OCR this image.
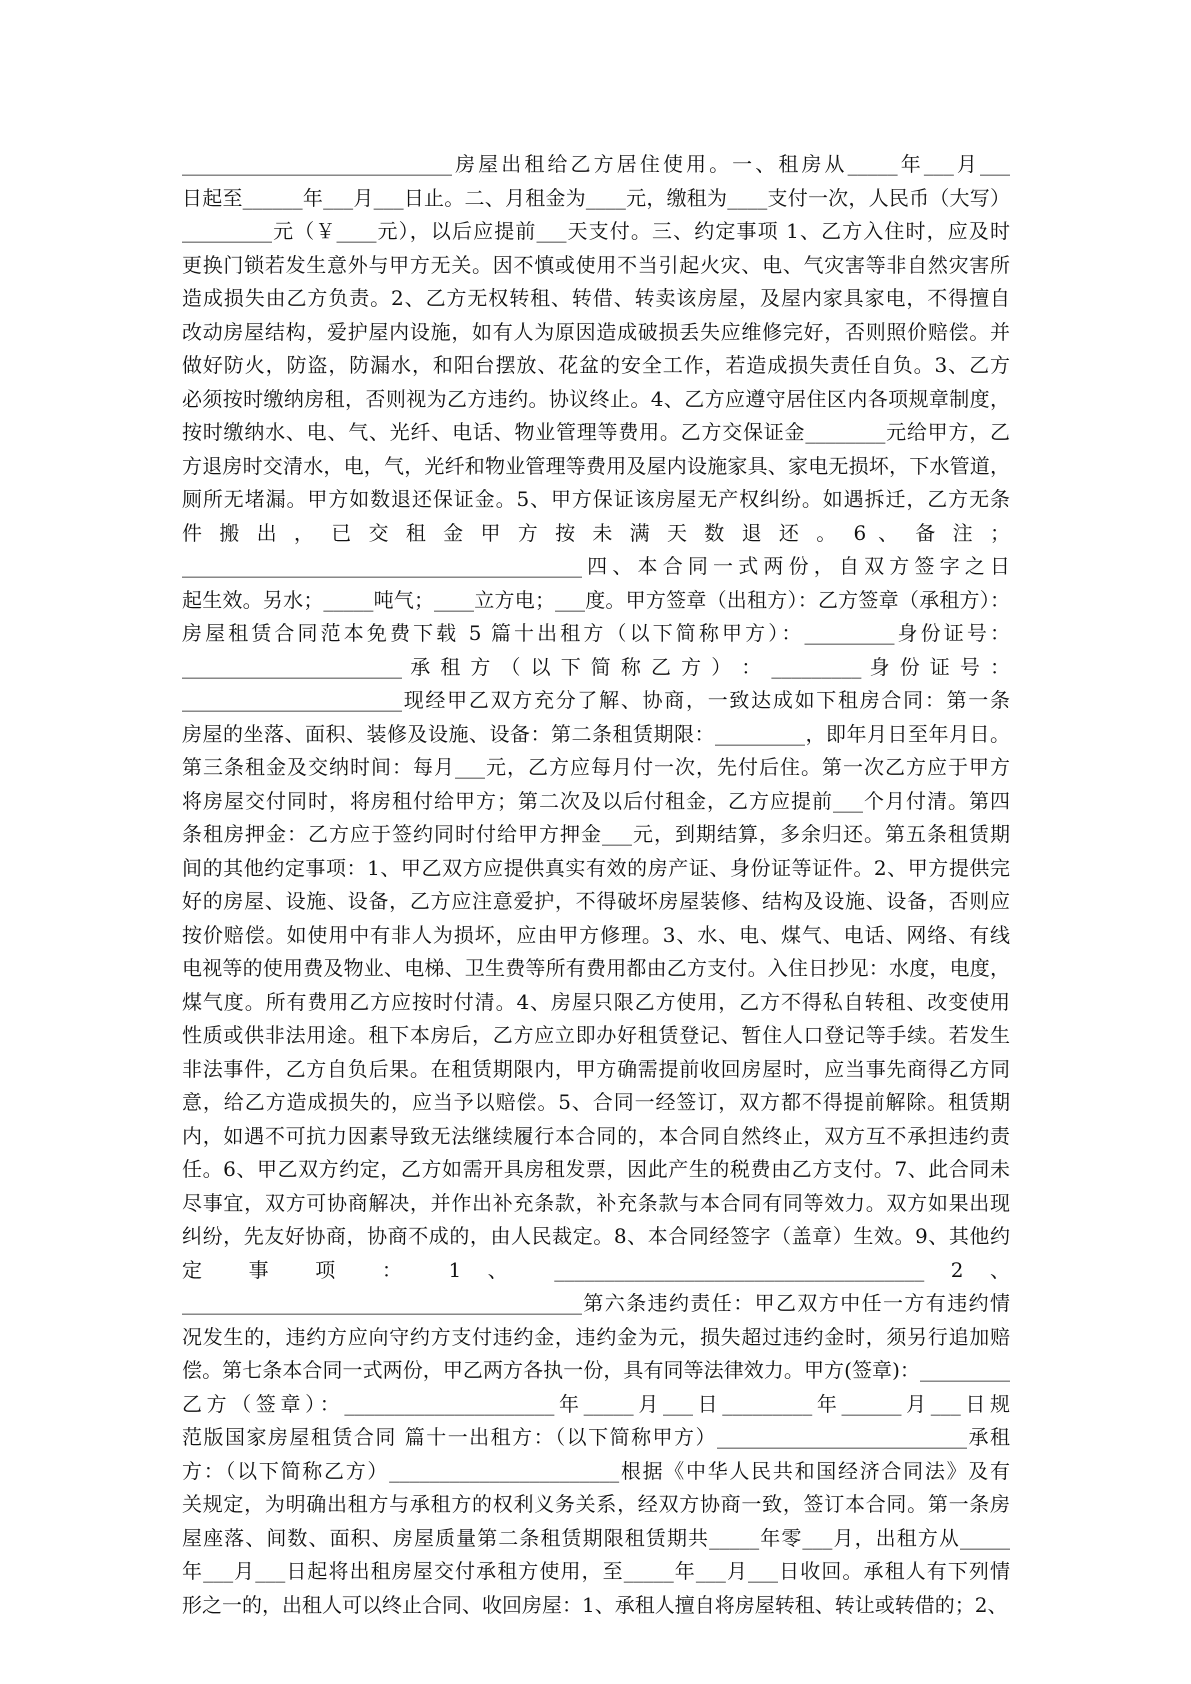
___________________________房屋出租给乙方居住使用。一、租房从_____年___月___
日起至______年___月___日止。二、月租金为____元，缴租为____支付一次，人民币（大写）
_________元（￥____元），以后应提前___天支付。三、约定事项 1、乙方入住时，应及时
更换门锁若发生意外与甲方无关。因不慎或使用不当引起火灾、电、气灾害等非自然灾害所
造成损失由乙方负责。2、乙方无权转租、转借、转卖该房屋，及屋内家具家电，不得擅自
改动房屋结构，爱护屋内设施，如有人为原因造成破损丢失应维修完好，否则照价赔偿。并
做好防火，防盗，防漏水，和阳台摆放、花盆的安全工作，若造成损失责任自负。3、乙方
必须按时缴纳房租，否则视为乙方违约。协议终止。4、乙方应遵守居住区内各项规章制度，
按时缴纳水、电、气、光纤、电话、物业管理等费用。乙方交保证金________元给甲方，乙
方退房时交清水，电，气，光纤和物业管理等费用及屋内设施家具、家电无损坏，下水管道，
厕所无堵漏。甲方如数退还保证金。5、甲方保证该房屋无产权纠纷。如遇拆迁，乙方无条
件 搬 出 ， 已 交 租 金 甲 方 按 未 满 天 数 退 还 。 6 、 备 注 ；
________________________________________四、本合同一式两份，自双方签字之日
起生效。另水；_____吨气；____立方电；___度。甲方签章（出租方）：乙方签章（承租方）：
房屋租赁合同范本免费下载 5 篇十出租方（以下简称甲方）：_________身份证号：
______________________ 承 租 方 （ 以 下 简 称 乙 方 ） ： _________ 身 份 证 号 ：
______________________现经甲乙双方充分了解、协商，一致达成如下租房合同：第一条
房屋的坐落、面积、装修及设施、设备：第二条租赁期限：_________，即年月日至年月日。
第三条租金及交纳时间：每月___元，乙方应每月付一次，先付后住。第一次乙方应于甲方
将房屋交付同时，将房租付给甲方；第二次及以后付租金，乙方应提前___个月付清。第四
条租房押金：乙方应于签约同时付给甲方押金___元，到期结算，多余归还。第五条租赁期
间的其他约定事项：1、甲乙双方应提供真实有效的房产证、身份证等证件。2、甲方提供完
好的房屋、设施、设备，乙方应注意爱护，不得破坏房屋装修、结构及设施、设备，否则应
按价赔偿。如使用中有非人为损坏，应由甲方修理。3、水、电、煤气、电话、网络、有线
电视等的使用费及物业、电梯、卫生费等所有费用都由乙方支付。入住日抄见：水度，电度，
煤气度。所有费用乙方应按时付清。4、房屋只限乙方使用，乙方不得私自转租、改变使用
性质或供非法用途。租下本房后，乙方应立即办好租赁登记、暂住人口登记等手续。若发生
非法事件，乙方自负后果。在租赁期限内，甲方确需提前收回房屋时，应当事先商得乙方同
意，给乙方造成损失的，应当予以赔偿。5、合同一经签订，双方都不得提前解除。租赁期
内，如遇不可抗力因素导致无法继续履行本合同的，本合同自然终止，双方互不承担违约责
任。6、甲乙双方约定，乙方如需开具房租发票，因此产生的税费由乙方支付。7、此合同未
尽事宜，双方可协商解决，并作出补充条款，补充条款与本合同有同等效力。双方如果出现
纠纷，先友好协商，协商不成的，由人民裁定。8、本合同经签字（盖章）生效。9、其他约
定 事 项 ： 1 、 _____________________________________ 2 、
________________________________________第六条违约责任：甲乙双方中任一方有违约情
况发生的，违约方应向守约方支付违约金，违约金为元，损失超过违约金时，须另行追加赔
偿。第七条本合同一式两份，甲乙两方各执一份，具有同等法律效力。甲方(签章)：_________
乙方（签章）：_____________________年_____月___日_________年______月___日规
范版国家房屋租赁合同 篇十一出租方：（以下简称甲方）_________________________承租
方：（以下简称乙方）_______________________根据《中华人民共和国经济合同法》及有
关规定，为明确出租方与承租方的权利义务关系，经双方协商一致，签订本合同。第一条房
屋座落、间数、面积、房屋质量第二条租赁期限租赁期共_____年零___月，出租方从_____
年___月___日起将出租房屋交付承租方使用，至_____年___月___日收回。承租人有下列情
形之一的，出租人可以终止合同、收回房屋：1、承租人擅自将房屋转租、转让或转借的；2、
